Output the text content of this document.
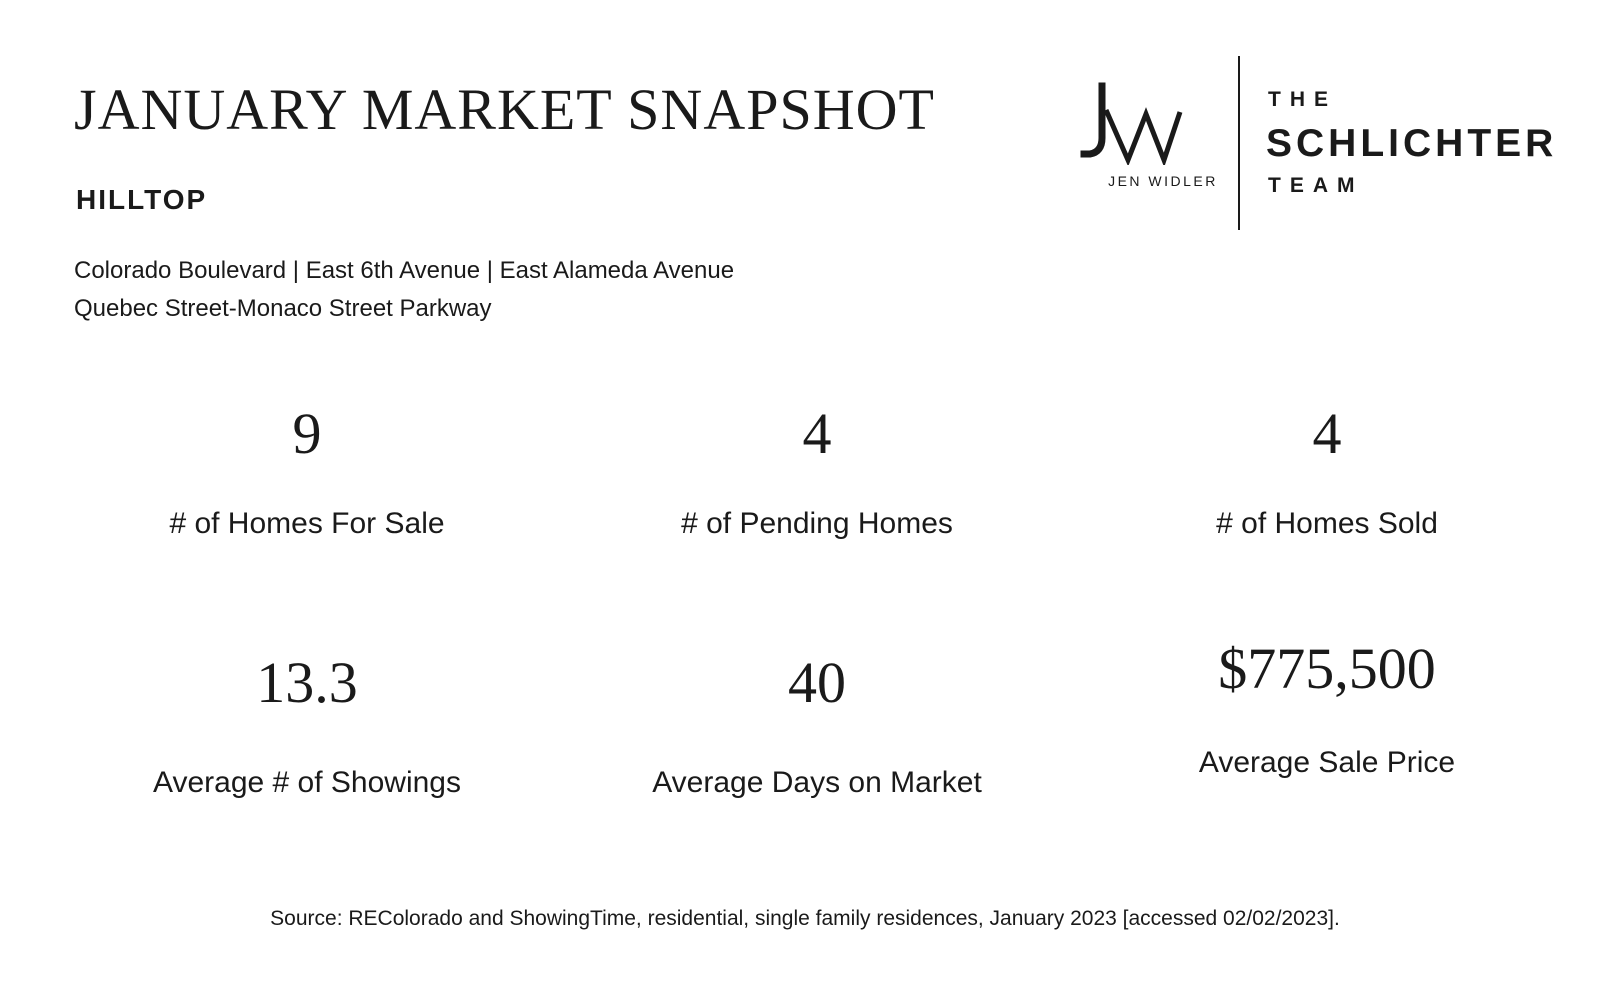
JANUARY MARKET SNAPSHOT
HILLTOP
Colorado Boulevard | East 6th Avenue | East Alameda Avenue
Quebec Street-Monaco Street Parkway
JEN WIDLER
THE
SCHLICHTER
TEAM
9
# of Homes For Sale
4
# of Pending Homes
4
# of Homes Sold
13.3
Average # of Showings
40
Average Days on Market
$775,500
Average Sale Price
Source: REColorado and ShowingTime, residential, single family residences, January 2023 [accessed 02/02/2023].
